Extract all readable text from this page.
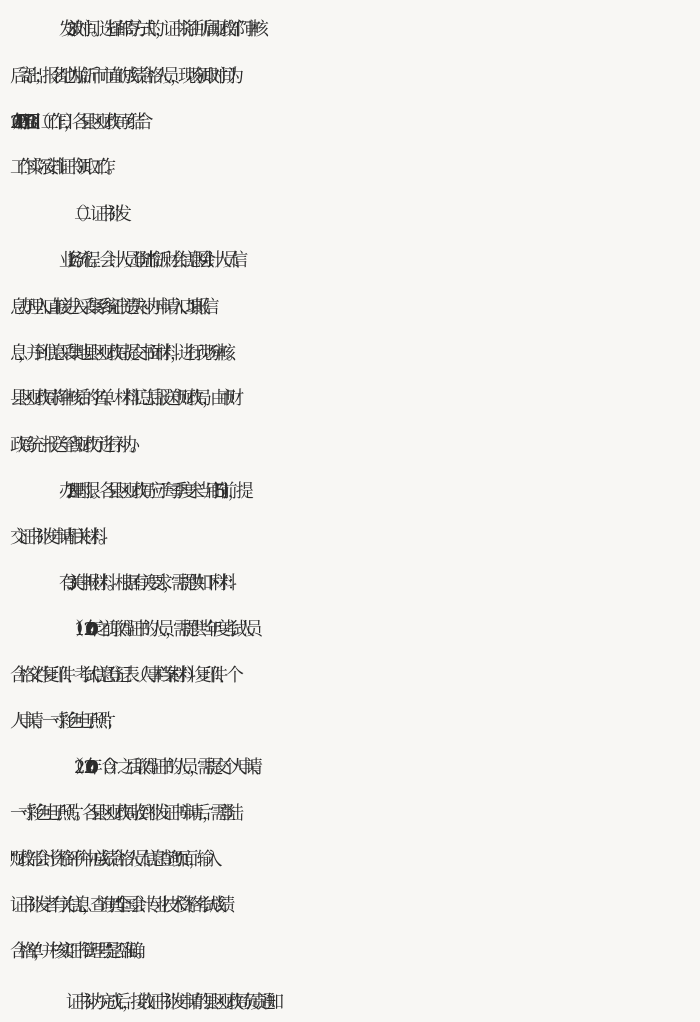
3. 发放时间。选择邮寄方式的，证书将由所属财政部门审核
后寄出；报名地为临沂市市直的成绩合格人员，现场领取时间为
2021 年 1 月 20 日至 3 日 1 日（工作日），各县区财政局可结合
工作实际安排证书领取工作。
（二）证书补发
1. 业务流程。会计人员登陆“临沂财会信息网-会计人员信
息办理入口-直接进入采集系统-证书遗失补办申请入口”填报信
息，并到信息采集地县区财政局提交书面材料，进行现场审核。
县区财政局将审核后的名单、材料汇总后报送市财政局，由市财
政局统一报送至省财政厅进行补办。
2. 办理时限。各县区财政局应于每季度末当月的 5 日前，提
交证书补发申请相关材料。
3. 有关申报材料。根据有关要求，需提供如下材料：
（1）2000 年之前取得证书的人员，需提供当年度考试人员
合格文件复印件、考试信息登记表（人事档案材料）复印件、个
人申请、一寸彩色电子照片；
（2）2000 年（含）之后取得证书的人员，需提交个人申请、
一寸彩色电子照片。各县区财政局收到补发证书申请后，需登陆
“财政部会计资格评价中心-成绩合格人员信息查询”页面，输入
证书补发者有关信息，查询其“全国会计专业技术资格考试成绩
合格单”，并核实“证书管理号”是否准确。
证书补办完成后，接收证书补发申请的县区财政局负责通知
